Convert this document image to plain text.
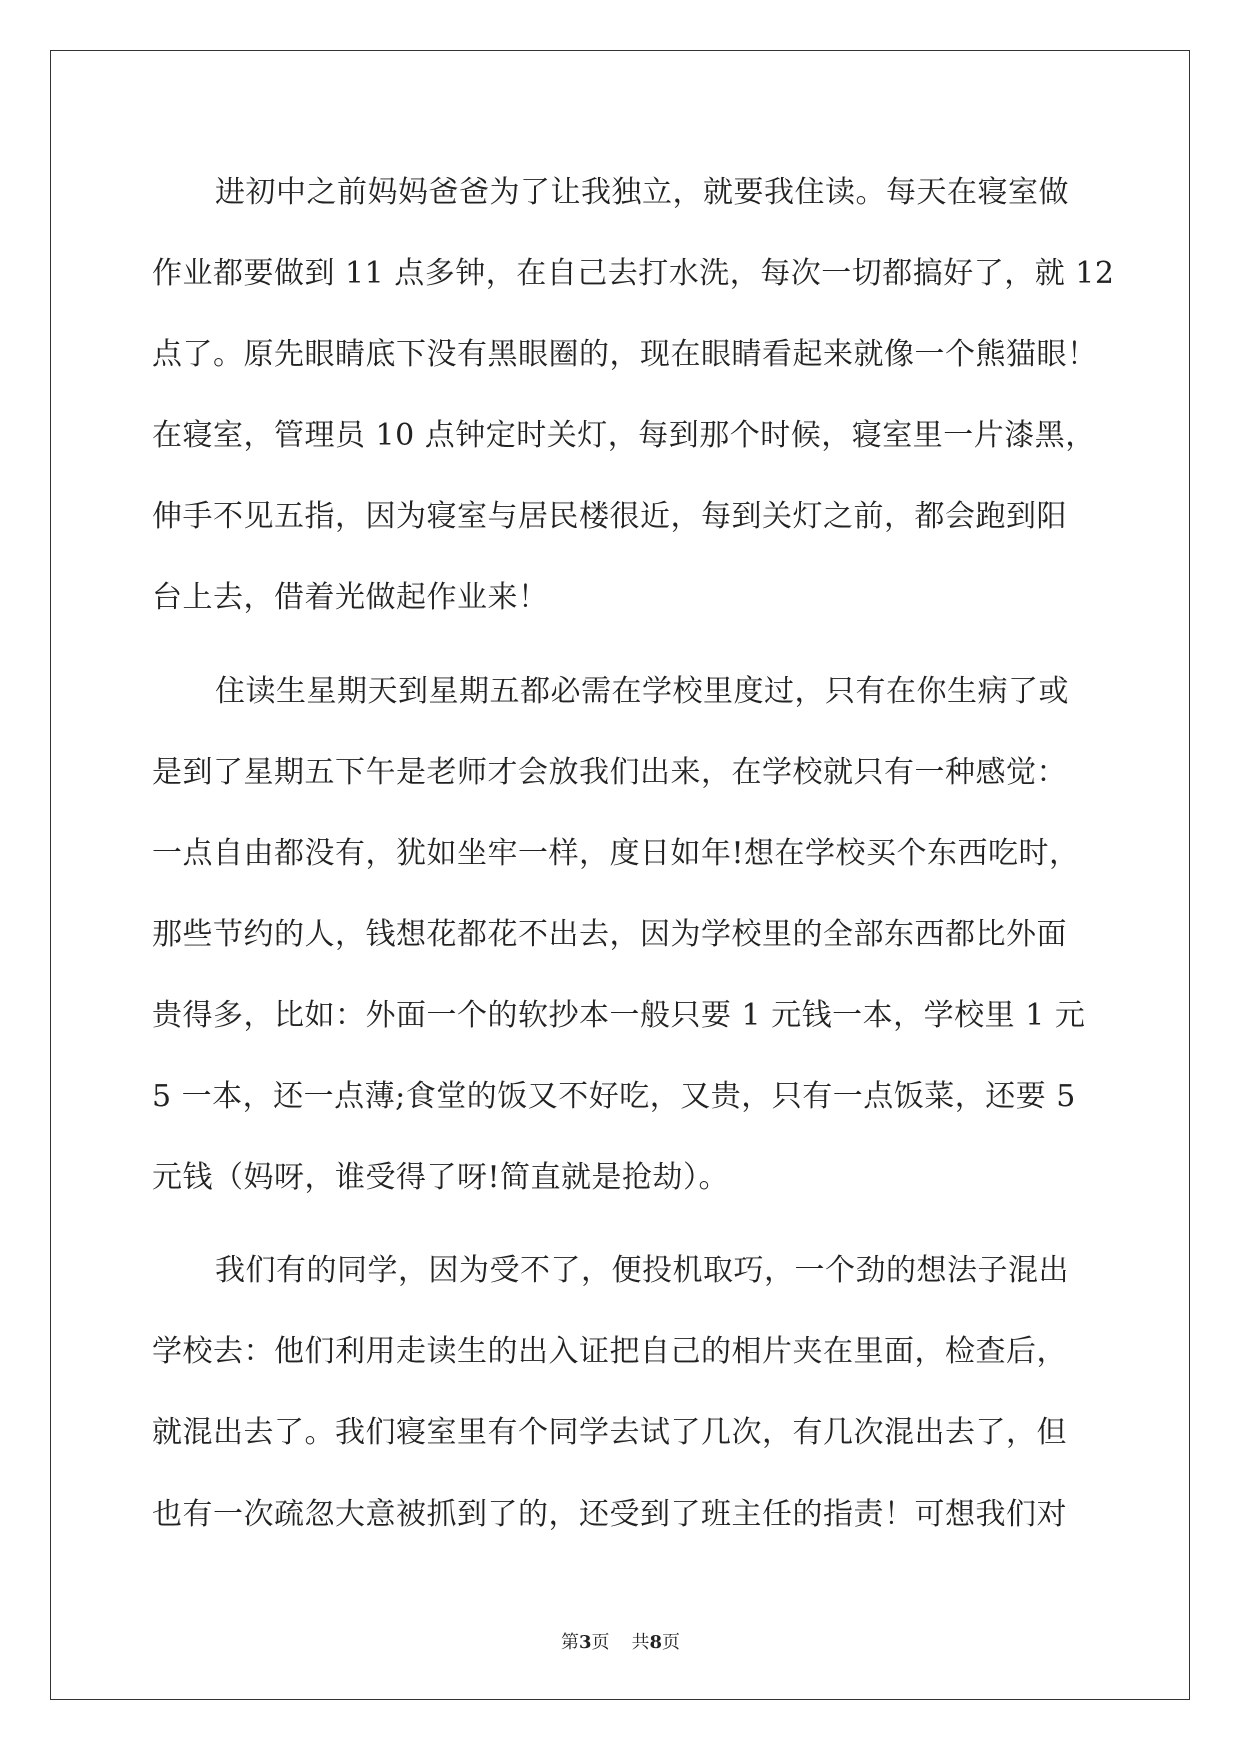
进初中之前妈妈爸爸为了让我独立，就要我住读。每天在寝室做
作业都要做到 11 点多钟，在自己去打水洗，每次一切都搞好了，就 12
点了。原先眼睛底下没有黑眼圈的，现在眼睛看起来就像一个熊猫眼！
在寝室，管理员 10 点钟定时关灯，每到那个时候，寝室里一片漆黑，
伸手不见五指，因为寝室与居民楼很近，每到关灯之前，都会跑到阳
台上去，借着光做起作业来！
住读生星期天到星期五都必需在学校里度过，只有在你生病了或
是到了星期五下午是老师才会放我们出来，在学校就只有一种感觉：
一点自由都没有，犹如坐牢一样，度日如年!想在学校买个东西吃时，
那些节约的人，钱想花都花不出去，因为学校里的全部东西都比外面
贵得多，比如：外面一个的软抄本一般只要 1 元钱一本，学校里 1 元
5 一本，还一点薄;食堂的饭又不好吃，又贵，只有一点饭菜，还要 5
元钱（妈呀，谁受得了呀!简直就是抢劫）。
我们有的同学，因为受不了，便投机取巧，一个劲的想法子混出
学校去：他们利用走读生的出入证把自己的相片夹在里面，检查后，
就混出去了。我们寝室里有个同学去试了几次，有几次混出去了，但
也有一次疏忽大意被抓到了的，还受到了班主任的指责！可想我们对
第3页 共8页
